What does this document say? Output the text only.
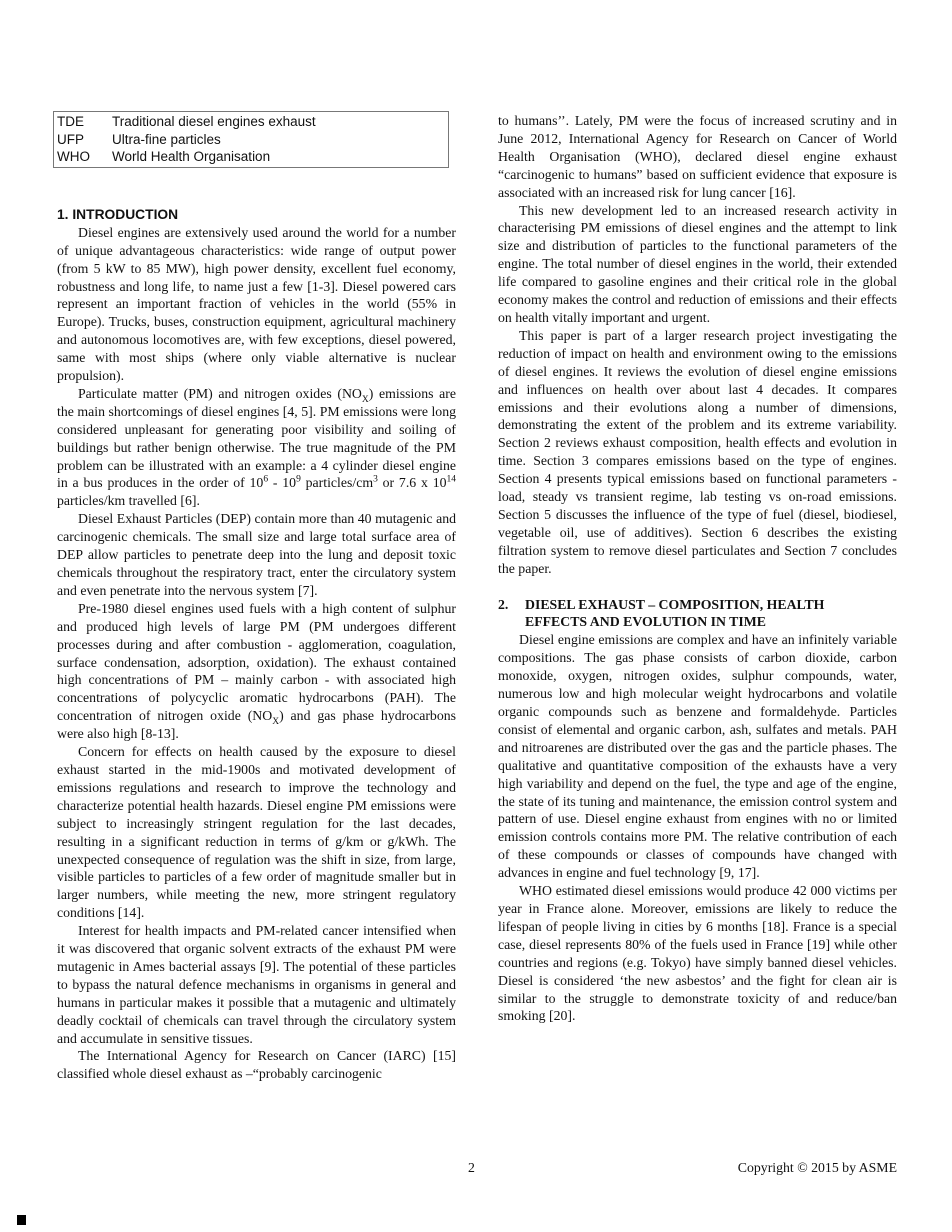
TDE	Traditional diesel engines exhaust
UFP	Ultra-fine particles
WHO	World Health Organisation
1. INTRODUCTION

Diesel engines are extensively used around the world for a number of unique advantageous characteristics: wide range of output power (from 5 kW to 85 MW), high power density, excellent fuel economy, robustness and long life, to name just a few [1-3]. Diesel powered cars represent an important fraction of vehicles in the world (55% in Europe). Trucks, buses, construction equipment, agricultural machinery and autonomous locomotives are, with few exceptions, diesel powered, same with most ships (where only viable alternative is nuclear propulsion).

Particulate matter (PM) and nitrogen oxides $(NO_X)$ emissions are the main shortcomings of diesel engines [4, 5]. PM emissions were long considered unpleasant for generating poor visibility and soiling of buildings but rather benign otherwise. The true magnitude of the PM problem can be illustrated with an example: a 4 cylinder diesel engine in a bus produces in the order of $10^6 - 10^9$ particles/$cm^3$ or 7.6 x $10^{14}$ particles/km travelled [6].

Diesel Exhaust Particles (DEP) contain more than 40 mutagenic and carcinogenic chemicals. The small size and large total surface area of DEP allow particles to penetrate deep into the lung and deposit toxic chemicals throughout the respiratory tract, enter the circulatory system and even penetrate into the nervous system [7].

Pre-1980 diesel engines used fuels with a high content of sulphur and produced high levels of large PM (PM undergoes different processes during and after combustion - agglomeration, coagulation, surface condensation, adsorption, oxidation). The exhaust contained high concentrations of PM – mainly carbon - with associated high concentrations of polycyclic aromatic hydrocarbons (PAH). The concentration of nitrogen oxide $(NO_X)$ and gas phase hydrocarbons were also high [8-13].

Concern for effects on health caused by the exposure to diesel exhaust started in the mid-1900s and motivated development of emissions regulations and research to improve the technology and characterize potential health hazards. Diesel engine PM emissions were subject to increasingly stringent regulation for the last decades, resulting in a significant reduction in terms of g/km or g/kWh. The unexpected consequence of regulation was the shift in size, from large, visible particles to particles of a few order of magnitude smaller but in larger numbers, while meeting the new, more stringent regulatory conditions [14].

Interest for health impacts and PM-related cancer intensified when it was discovered that organic solvent extracts of the exhaust PM were mutagenic in Ames bacterial assays [9]. The potential of these particles to bypass the natural defence mechanisms in organisms in general and humans in particular makes it possible that a mutagenic and ultimately deadly cocktail of chemicals can travel through the circulatory system and accumulate in sensitive tissues.

The International Agency for Research on Cancer (IARC) [15] classified whole diesel exhaust as –“probably carcinogenic

to humans’’. Lately, PM were the focus of increased scrutiny and in June 2012, International Agency for Research on Cancer of World Health Organisation (WHO), declared diesel engine exhaust “carcinogenic to humans” based on sufficient evidence that exposure is associated with an increased risk for lung cancer [16].

This new development led to an increased research activity in characterising PM emissions of diesel engines and the attempt to link size and distribution of particles to the functional parameters of the engine. The total number of diesel engines in the world, their extended life compared to gasoline engines and their critical role in the global economy makes the control and reduction of emissions and their effects on health vitally important and urgent.

This paper is part of a larger research project investigating the reduction of impact on health and environment owing to the emissions of diesel engines. It reviews the evolution of diesel engine emissions and influences on health over about last 4 decades. It compares emissions and their evolutions along a number of dimensions, demonstrating the extent of the problem and its extreme variability. Section 2 reviews exhaust composition, health effects and evolution in time. Section 3 compares emissions based on the type of engines. Section 4 presents typical emissions based on functional parameters - load, steady vs transient regime, lab testing vs on-road emissions. Section 5 discusses the influence of the type of fuel (diesel, biodiesel, vegetable oil, use of additives). Section 6 describes the existing filtration system to remove diesel particulates and Section 7 concludes the paper.

2. DIESEL EXHAUST – COMPOSITION, HEALTH
EFFECTS AND EVOLUTION IN TIME

Diesel engine emissions are complex and have an infinitely variable compositions. The gas phase consists of carbon dioxide, carbon monoxide, oxygen, nitrogen oxides, sulphur compounds, water, numerous low and high molecular weight hydrocarbons and volatile organic compounds such as benzene and formaldehyde. Particles consist of elemental and organic carbon, ash, sulfates and metals. PAH and nitroarenes are distributed over the gas and the particle phases. The qualitative and quantitative composition of the exhausts have a very high variability and depend on the fuel, the type and age of the engine, the state of its tuning and maintenance, the emission control system and pattern of use. Diesel engine exhaust from engines with no or limited emission controls contains more PM. The relative contribution of each of these compounds or classes of compounds have changed with advances in engine and fuel technology [9, 17].

WHO estimated diesel emissions would produce 42 000 victims per year in France alone. Moreover, emissions are likely to reduce the lifespan of people living in cities by 6 months [18]. France is a special case, diesel represents 80% of the fuels used in France [19] while other countries and regions (e.g. Tokyo) have simply banned diesel vehicles. Diesel is considered ‘the new asbestos’ and the fight for clean air is similar to the struggle to demonstrate toxicity of and reduce/ban smoking [20].

2	Copyright © 2015 by ASME
